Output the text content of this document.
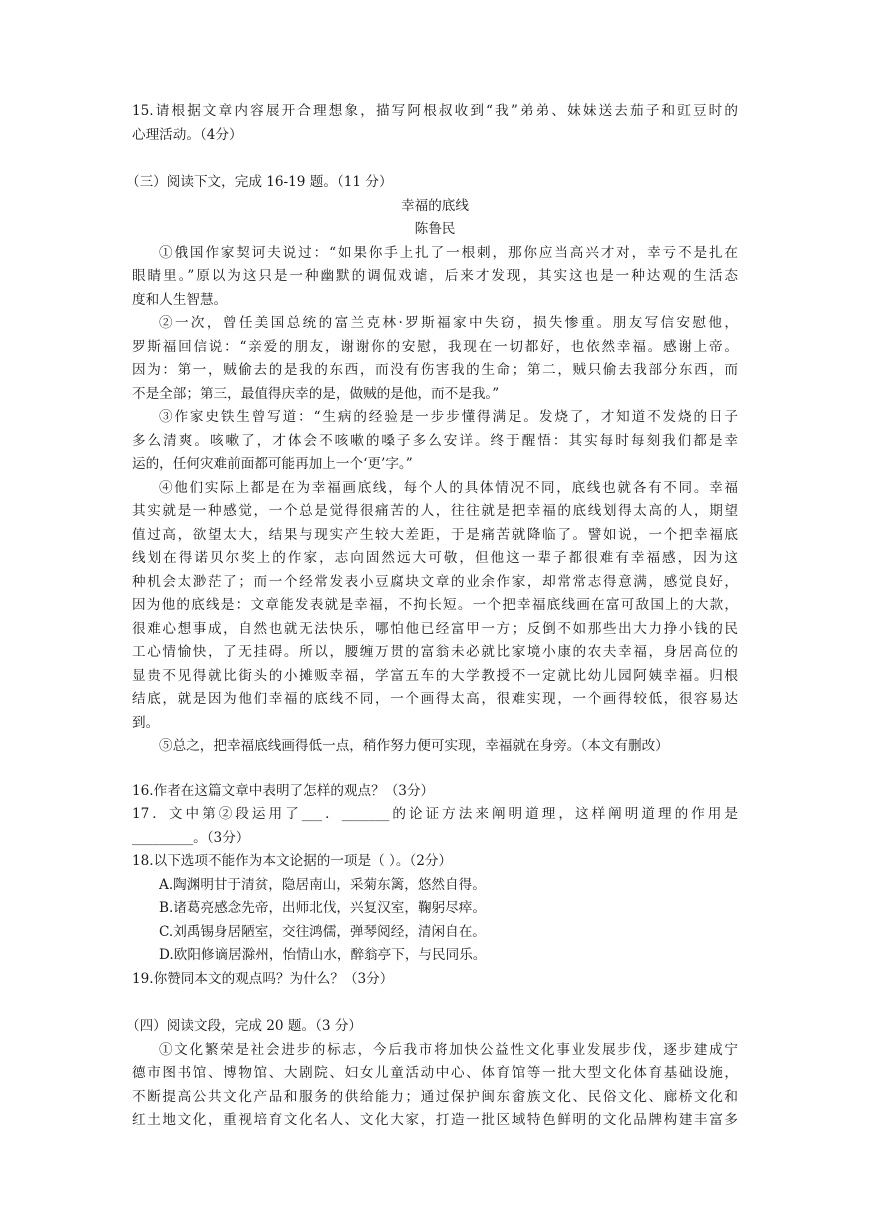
15.请根据文章内容展开合理想象，描写阿根叔收到“我”弟弟、妹妹送去茄子和豇豆时的
心理活动。（4分）
（三）阅读下文，完成 16-19 题。（11 分）
幸福的底线
陈鲁民
①俄国作家契诃夫说过：“如果你手上扎了一根刺，那你应当高兴才对，幸亏不是扎在
眼睛里。”原以为这只是一种幽默的调侃戏谑，后来才发现，其实这也是一种达观的生活态
度和人生智慧。
②一次，曾任美国总统的富兰克林·罗斯福家中失窃，损失惨重。朋友写信安慰他，
罗斯福回信说：“亲爱的朋友，谢谢你的安慰，我现在一切都好，也依然幸福。感谢上帝。
因为：第一，贼偷去的是我的东西，而没有伤害我的生命；第二，贼只偷去我部分东西，而
不是全部；第三，最值得庆幸的是，做贼的是他，而不是我。”
③作家史铁生曾写道：“生病的经验是一步步懂得满足。发烧了，才知道不发烧的日子
多么清爽。咳嗽了，才体会不咳嗽的嗓子多么安详。终于醒悟：其实每时每刻我们都是幸
运的，任何灾难前面都可能再加上一个‘更’字。”
④他们实际上都是在为幸福画底线，每个人的具体情况不同，底线也就各有不同。幸福
其实就是一种感觉，一个总是觉得很痛苦的人，往往就是把幸福的底线划得太高的人，期望
值过高，欲望太大，结果与现实产生较大差距，于是痛苦就降临了。譬如说，一个把幸福底
线划在得诺贝尔奖上的作家，志向固然远大可敬，但他这一辈子都很难有幸福感，因为这
种机会太渺茫了；而一个经常发表小豆腐块文章的业余作家，却常常志得意满，感觉良好，
因为他的底线是：文章能发表就是幸福，不拘长短。一个把幸福底线画在富可敌国上的大款，
很难心想事成，自然也就无法快乐，哪怕他已经富甲一方；反倒不如那些出大力挣小钱的民
工心情愉快，了无挂碍。所以，腰缠万贯的富翁未必就比家境小康的农夫幸福，身居高位的
显贵不见得就比街头的小摊贩幸福，学富五车的大学教授不一定就比幼儿园阿姨幸福。归根
结底，就是因为他们幸福的底线不同，一个画得太高，很难实现，一个画得较低，很容易达
到。
⑤总之，把幸福底线画得低一点，稍作努力便可实现，幸福就在身旁。（本文有删改）
16.作者在这篇文章中表明了怎样的观点？（3分）
17．文中第②段运用了___．_______的论证方法来阐明道理，这样阐明道理的作用是
_________。（3分）
18.以下选项不能作为本文论据的一项是（ ）。（2分）
A.陶渊明甘于清贫，隐居南山，采菊东篱，悠然自得。
B.诸葛亮感念先帝，出师北伐，兴复汉室，鞠躬尽瘁。
C.刘禹锡身居陋室，交往鸿儒，弹琴阅经，清闲自在。
D.欧阳修谪居滁州，怡情山水，醉翁亭下，与民同乐。
19.你赞同本文的观点吗？为什么？（3分）
（四）阅读文段，完成 20 题。（3 分）
①文化繁荣是社会进步的标志，今后我市将加快公益性文化事业发展步伐，逐步建成宁
德市图书馆、博物馆、大剧院、妇女儿童活动中心、体育馆等一批大型文化体育基础设施，
不断提高公共文化产品和服务的供给能力；通过保护闽东畲族文化、民俗文化、廊桥文化和
红土地文化，重视培育文化名人、文化大家，打造一批区域特色鲜明的文化品牌构建丰富多
